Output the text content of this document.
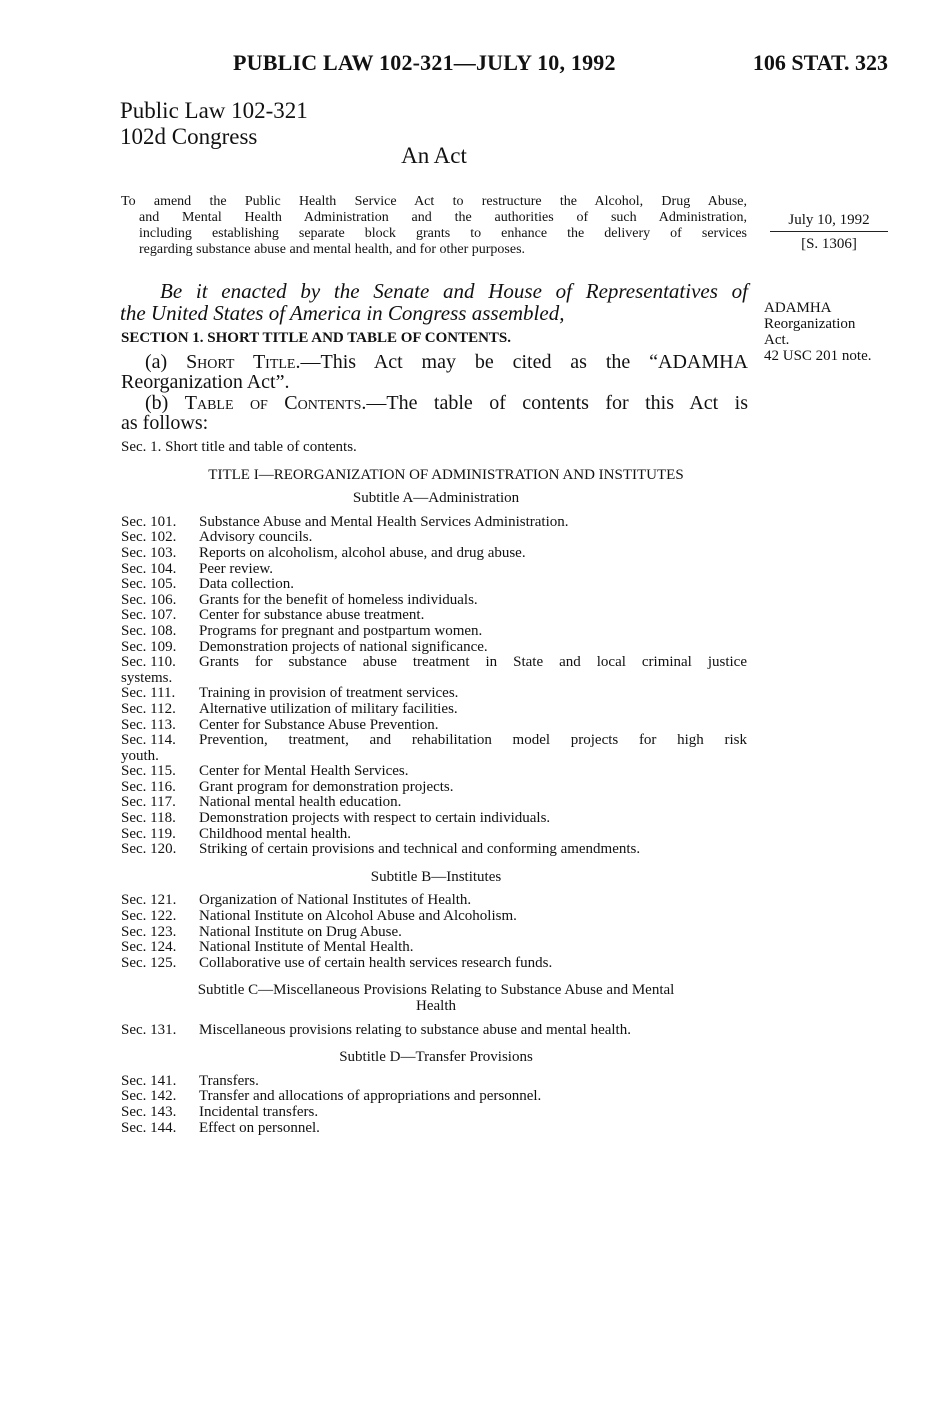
PUBLIC LAW 102-321—JULY 10, 1992	106 STAT. 323
Public Law 102-321
102d Congress
An Act
To amend the Public Health Service Act to restructure the Alcohol, Drug Abuse,
and Mental Health Administration and the authorities of such Administration,
including establishing separate block grants to enhance the delivery of services
regarding substance abuse and mental health, and for other purposes.
July 10, 1992
[S. 1306]
ADAMHA
Reorganization
Act.
42 USC 201 note.
Be it enacted by the Senate and House of Representatives of
the United States of America in Congress assembled,
SECTION 1. SHORT TITLE AND TABLE OF CONTENTS.
(a) Short Title.—This Act may be cited as the “ADAMHA
Reorganization Act”.
(b) Table of Contents.—The table of contents for this Act is
as follows:
Sec. 1. Short title and table of contents.
TITLE I—REORGANIZATION OF ADMINISTRATION AND INSTITUTES
Subtitle A—Administration
Sec. 101. Substance Abuse and Mental Health Services Administration.
Sec. 102. Advisory councils.
Sec. 103. Reports on alcoholism, alcohol abuse, and drug abuse.
Sec. 104. Peer review.
Sec. 105. Data collection.
Sec. 106. Grants for the benefit of homeless individuals.
Sec. 107. Center for substance abuse treatment.
Sec. 108. Programs for pregnant and postpartum women.
Sec. 109. Demonstration projects of national significance.
Sec. 110. Grants for substance abuse treatment in State and local criminal justice
systems.
Sec. 111. Training in provision of treatment services.
Sec. 112. Alternative utilization of military facilities.
Sec. 113. Center for Substance Abuse Prevention.
Sec. 114. Prevention, treatment, and rehabilitation model projects for high risk
youth.
Sec. 115. Center for Mental Health Services.
Sec. 116. Grant program for demonstration projects.
Sec. 117. National mental health education.
Sec. 118. Demonstration projects with respect to certain individuals.
Sec. 119. Childhood mental health.
Sec. 120. Striking of certain provisions and technical and conforming amendments.
Subtitle B—Institutes
Sec. 121. Organization of National Institutes of Health.
Sec. 122. National Institute on Alcohol Abuse and Alcoholism.
Sec. 123. National Institute on Drug Abuse.
Sec. 124. National Institute of Mental Health.
Sec. 125. Collaborative use of certain health services research funds.
Subtitle C—Miscellaneous Provisions Relating to Substance Abuse and Mental
Health
Sec. 131. Miscellaneous provisions relating to substance abuse and mental health.
Subtitle D—Transfer Provisions
Sec. 141. Transfers.
Sec. 142. Transfer and allocations of appropriations and personnel.
Sec. 143. Incidental transfers.
Sec. 144. Effect on personnel.
